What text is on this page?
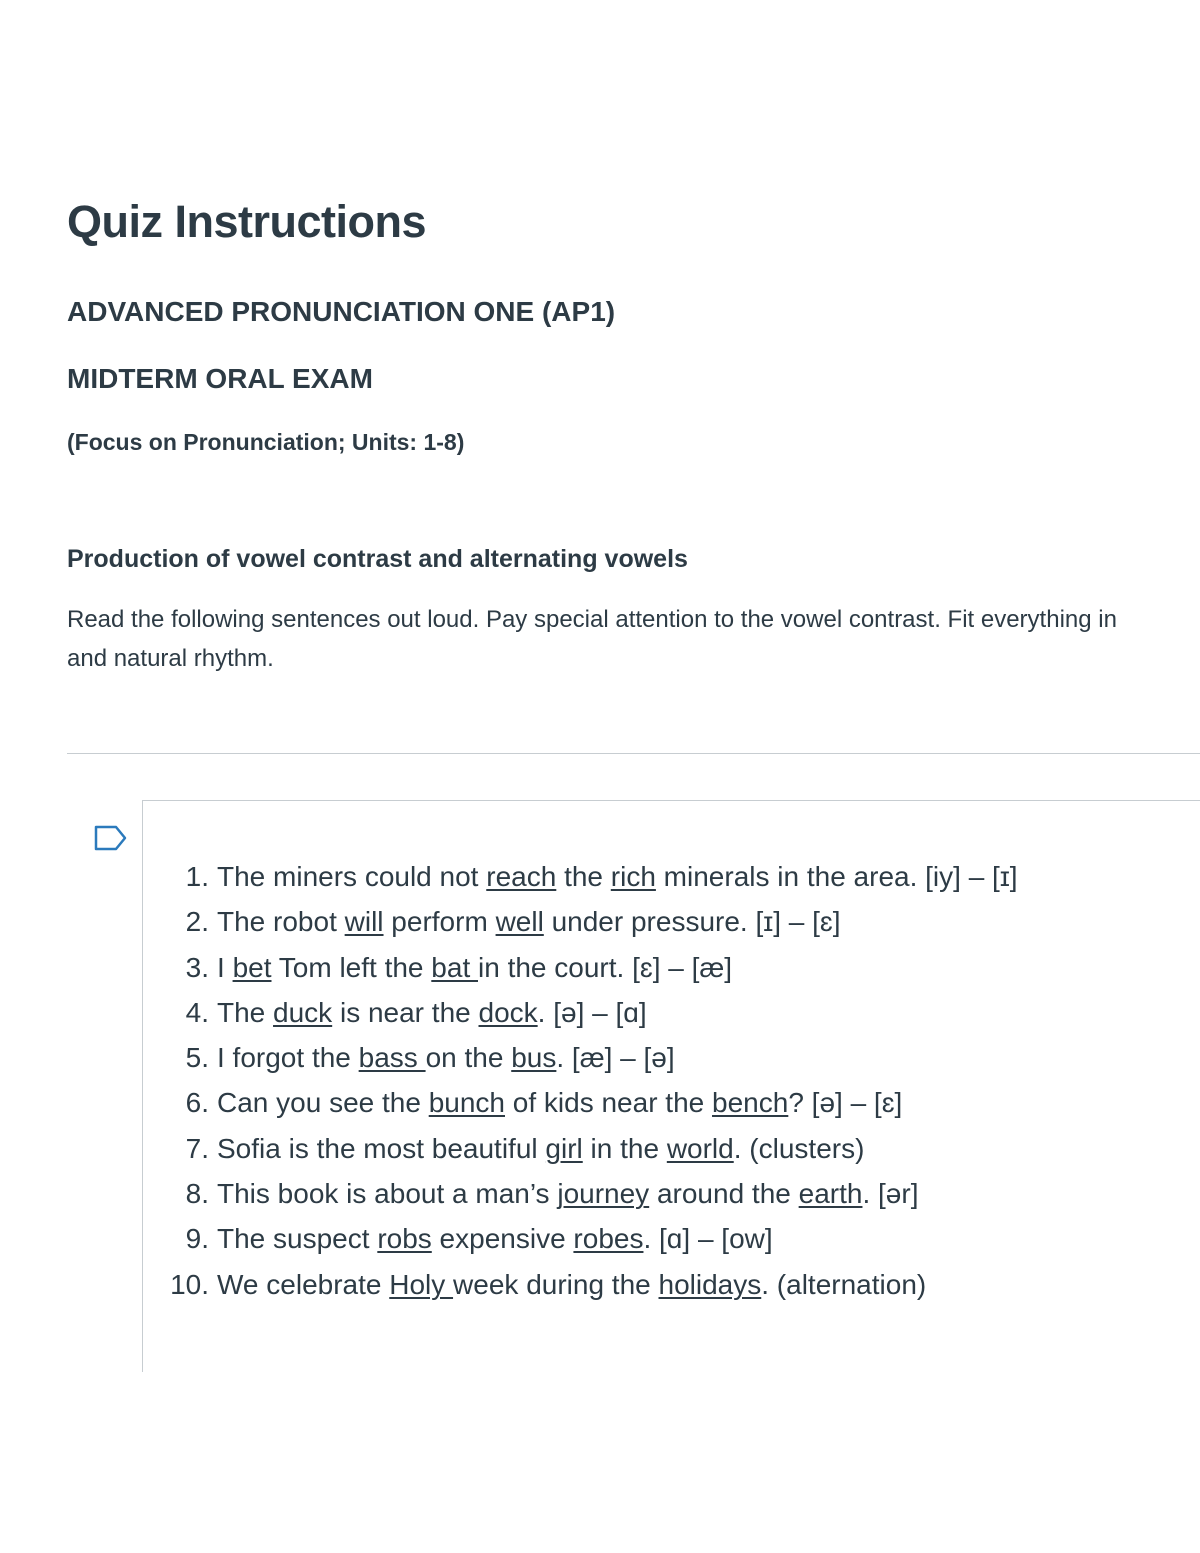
Quiz Instructions

ADVANCED PRONUNCIATION ONE (AP1)

MIDTERM ORAL EXAM

(Focus on Pronunciation; Units: 1-8)

Production of vowel contrast and alternating vowels

Read the following sentences out loud. Pay special attention to the vowel contrast. Fit everything in
and natural rhythm.

1. The miners could not reach the rich minerals in the area. [iy] – [ɪ]
2. The robot will perform well under pressure. [ɪ] – [ɛ]
3. I bet Tom left the bat in the court. [ɛ] – [æ]
4. The duck is near the dock. [ə] – [ɑ]
5. I forgot the bass on the bus. [æ] – [ə]
6. Can you see the bunch of kids near the bench? [ə] – [ɛ]
7. Sofia is the most beautiful girl in the world. (clusters)
8. This book is about a man’s journey around the earth. [ər]
9. The suspect robs expensive robes. [ɑ] – [ow]
10. We celebrate Holy week during the holidays. (alternation)
